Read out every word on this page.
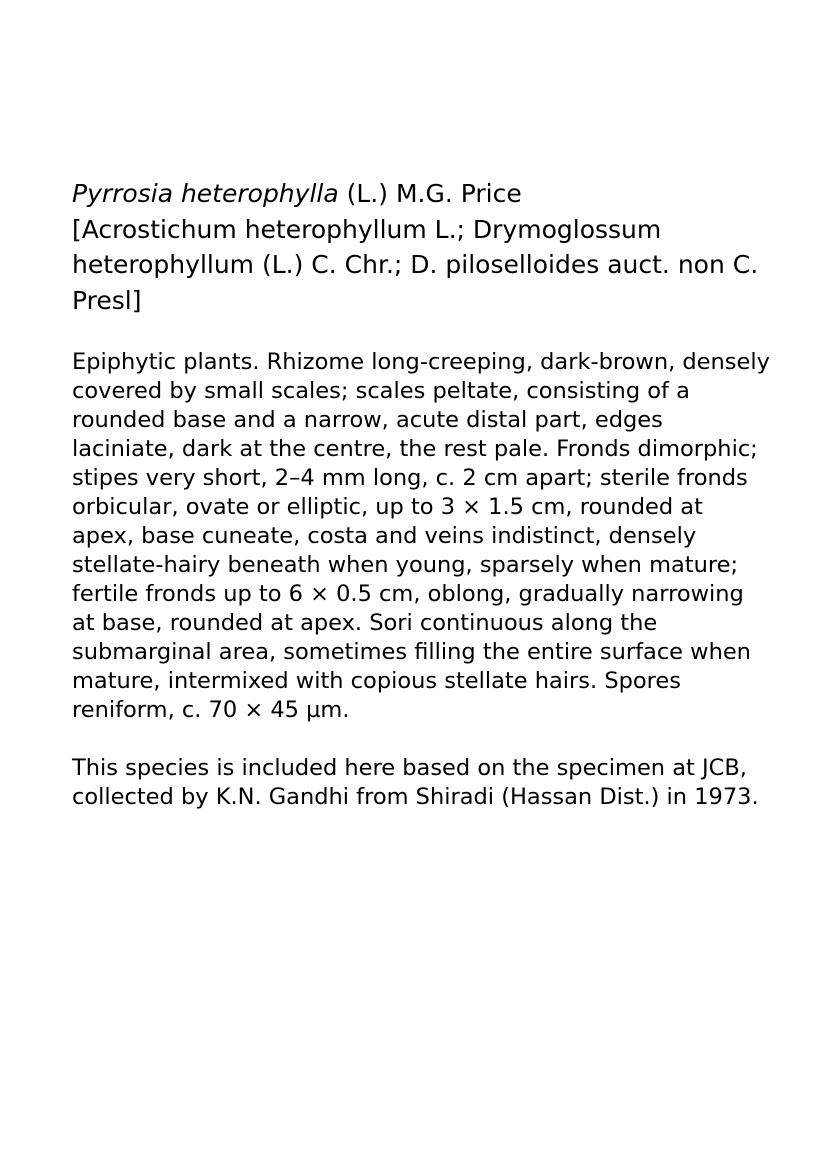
Pyrrosia heterophylla (L.) M.G. Price
[Acrostichum heterophyllum L.; Drymoglossum heterophyllum (L.) C. Chr.; D. piloselloides auct. non C. Presl]

Epiphytic plants. Rhizome long-creeping, dark-brown, densely covered by small scales; scales peltate, consisting of a rounded base and a narrow, acute distal part, edges laciniate, dark at the centre, the rest pale. Fronds dimorphic; stipes very short, 2–4 mm long, c. 2 cm apart; sterile fronds orbicular, ovate or elliptic, up to 3 × 1.5 cm, rounded at apex, base cuneate, costa and veins indistinct, densely stellate-hairy beneath when young, sparsely when mature; fertile fronds up to 6 × 0.5 cm, oblong, gradually narrowing at base, rounded at apex. Sori continuous along the submarginal area, sometimes filling the entire surface when mature, intermixed with copious stellate hairs. Spores reniform, c. 70 × 45 µm.

This species is included here based on the specimen at JCB, collected by K.N. Gandhi from Shiradi (Hassan Dist.) in 1973.
